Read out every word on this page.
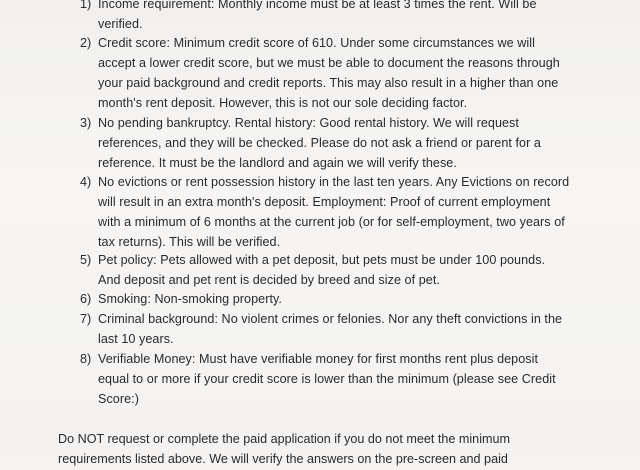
1) Income requirement: Monthly income must be at least 3 times the rent. Will be
verified.
2) Credit score: Minimum credit score of 610. Under some circumstances we will
accept a lower credit score, but we must be able to document the reasons through
your paid background and credit reports. This may also result in a higher than one
month's rent deposit. However, this is not our sole deciding factor.
3) No pending bankruptcy. Rental history: Good rental history. We will request
references, and they will be checked. Please do not ask a friend or parent for a
reference. It must be the landlord and again we will verify these.
4) No evictions or rent possession history in the last ten years. Any Evictions on record
will result in an extra month's deposit. Employment: Proof of current employment
with a minimum of 6 months at the current job (or for self-employment, two years of
tax returns). This will be verified.
5) Pet policy: Pets allowed with a pet deposit, but pets must be under 100 pounds.
And deposit and pet rent is decided by breed and size of pet.
6) Smoking: Non-smoking property.
7) Criminal background: No violent crimes or felonies. Nor any theft convictions in the
last 10 years.
8) Verifiable Money: Must have verifiable money for first months rent plus deposit
equal to or more if your credit score is lower than the minimum (please see Credit
Score:)
Do NOT request or complete the paid application if you do not meet the minimum
requirements listed above. We will verify the answers on the pre-screen and paid
